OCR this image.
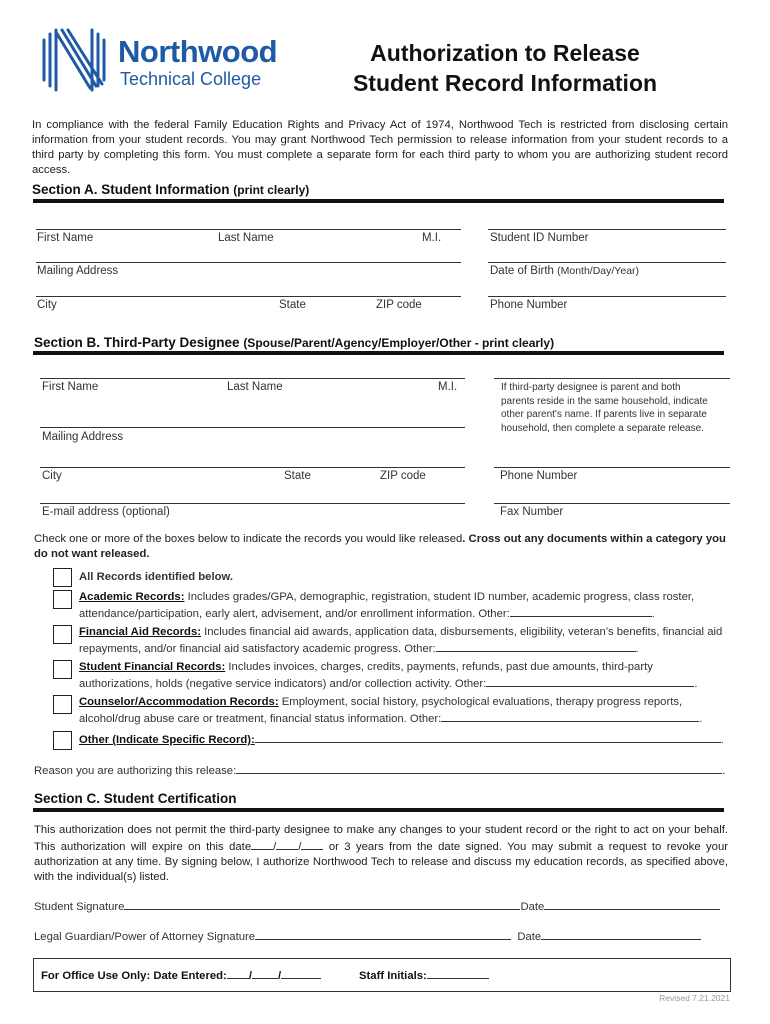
Northwood
Technical College
Authorization to Release
Student Record Information
In compliance with the federal Family Education Rights and Privacy Act of 1974, Northwood Tech is restricted from disclosing certain information from your student records. You may grant Northwood Tech permission to release information from your student records to a third party by completing this form. You must complete a separate form for each third party to whom you are authorizing student record access.
Section A. Student Information (print clearly)
First Name	Last Name	M.I.	Student ID Number
Mailing Address	Date of Birth (Month/Day/Year)
City	State	ZIP code	Phone Number
Section B. Third-Party Designee (Spouse/Parent/Agency/Employer/Other - print clearly)
First Name	Last Name	M.I.	If third-party designee is parent and both parents reside in the same household, indicate other parent's name. If parents live in separate household, then complete a separate release.
Mailing Address
City	State	ZIP code	Phone Number
E-mail address (optional)	Fax Number
Check one or more of the boxes below to indicate the records you would like released. Cross out any documents within a category you do not want released.
All Records identified below.
Academic Records: Includes grades/GPA, demographic, registration, student ID number, academic progress, class roster, attendance/participation, early alert, advisement, and/or enrollment information. Other:	.
Financial Aid Records: Includes financial aid awards, application data, disbursements, eligibility, veteran's benefits, financial aid repayments, and/or financial aid satisfactory academic progress. Other:	.
Student Financial Records: Includes invoices, charges, credits, payments, refunds, past due amounts, third-party authorizations, holds (negative service indicators) and/or collection activity. Other:	.
Counselor/Accommodation Records: Employment, social history, psychological evaluations, therapy progress reports, alcohol/drug abuse care or treatment, financial status information. Other:	.
Other (Indicate Specific Record):	.
Reason you are authorizing this release:	.
Section C. Student Certification
This authorization does not permit the third-party designee to make any changes to your student record or the right to act on your behalf. This authorization will expire on this date / / or 3 years from the date signed. You may submit a request to revoke your authorization at any time. By signing below, I authorize Northwood Tech to release and discuss my education records, as specified above, with the individual(s) listed.
Student Signature	Date
Legal Guardian/Power of Attorney Signature	Date
For Office Use Only: Date Entered: / /	Staff Initials:
Revised 7.21.2021
